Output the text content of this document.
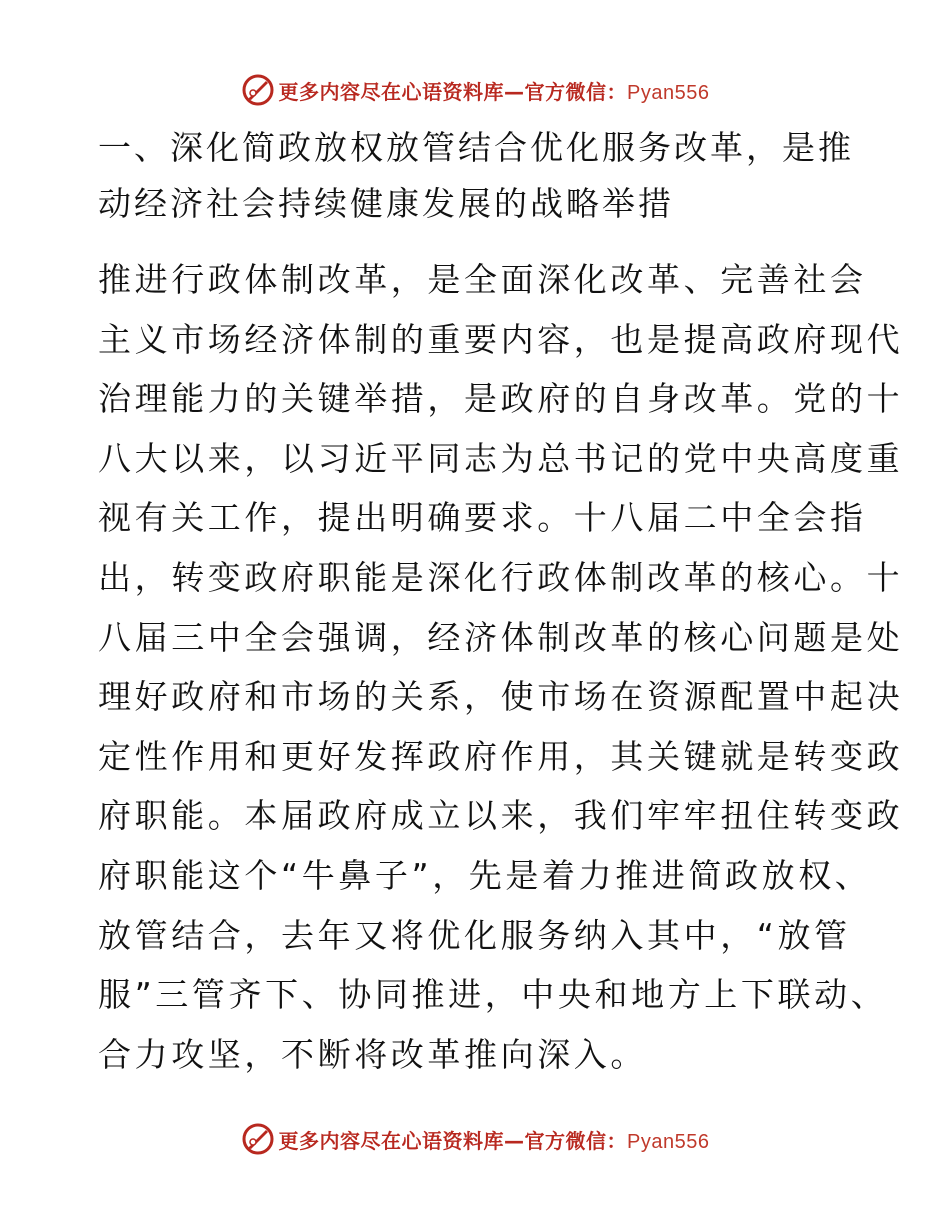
更多内容尽在心语资料库—官方微信：Pyan556
一、深化简政放权放管结合优化服务改革，是推
动经济社会持续健康发展的战略举措
推进行政体制改革，是全面深化改革、完善社会
主义市场经济体制的重要内容，也是提高政府现代
治理能力的关键举措，是政府的自身改革。党的十
八大以来，以习近平同志为总书记的党中央高度重
视有关工作，提出明确要求。十八届二中全会指
出，转变政府职能是深化行政体制改革的核心。十
八届三中全会强调，经济体制改革的核心问题是处
理好政府和市场的关系，使市场在资源配置中起决
定性作用和更好发挥政府作用，其关键就是转变政
府职能。本届政府成立以来，我们牢牢扭住转变政
府职能这个“牛鼻子”，先是着力推进简政放权、
放管结合，去年又将优化服务纳入其中，“放管
服”三管齐下、协同推进，中央和地方上下联动、
合力攻坚，不断将改革推向深入。
更多内容尽在心语资料库—官方微信：Pyan556
